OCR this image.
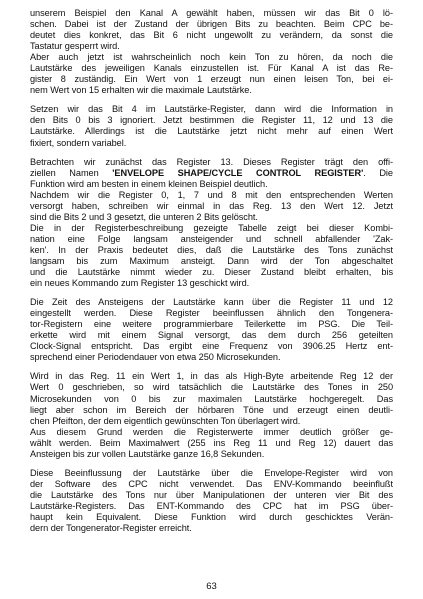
unserem Beispiel den Kanal A gewählt haben, müssen wir das Bit 0 lö-
schen. Dabei ist der Zustand der übrigen Bits zu beachten. Beim CPC be-
deutet dies konkret, das Bit 6 nicht ungewollt zu verändern, da sonst die
Tastatur gesperrt wird.
Aber auch jetzt ist wahrscheinlich noch kein Ton zu hören, da noch die
Lautstärke des jeweiligen Kanals einzustellen ist. Für Kanal A ist das Re-
gister 8 zuständig. Ein Wert von 1 erzeugt nun einen leisen Ton, bei ei-
nem Wert von 15 erhalten wir die maximale Lautstärke.

Setzen wir das Bit 4 im Lautstärke-Register, dann wird die Information in
den Bits 0 bis 3 ignoriert. Jetzt bestimmen die Register 11, 12 und 13 die
Lautstärke. Allerdings ist die Lautstärke jetzt nicht mehr auf einen Wert
fixiert, sondern variabel.

Betrachten wir zunächst das Register 13. Dieses Register trägt den offi-
ziellen Namen 'ENVELOPE SHAPE/CYCLE CONTROL REGISTER'. Die
Funktion wird am besten in einem kleinen Beispiel deutlich.
Nachdem wir die Register 0, 1, 7 und 8 mit den entsprechenden Werten
versorgt haben, schreiben wir einmal in das Reg. 13 den Wert 12. Jetzt
sind die Bits 2 und 3 gesetzt, die unteren 2 Bits gelöscht.
Die in der Registerbeschreibung gezeigte Tabelle zeigt bei dieser Kombi-
nation eine Folge langsam ansteigender und schnell abfallender 'Zak-
ken'. In der Praxis bedeutet dies, daß die Lautstärke des Tons zunächst
langsam bis zum Maximum ansteigt. Dann wird der Ton abgeschaltet
und die Lautstärke nimmt wieder zu. Dieser Zustand bleibt erhalten, bis
ein neues Kommando zum Register 13 geschickt wird.

Die Zeit des Ansteigens der Lautstärke kann über die Register 11 und 12
eingestellt werden. Diese Register beeinflussen ähnlich den Tongenera-
tor-Registern eine weitere programmierbare Teilerkette im PSG. Die Teil-
erkette wird mit einem Signal versorgt, das dem durch 256 geteilten
Clock-Signal entspricht. Das ergibt eine Frequenz von 3906.25 Hertz ent-
sprechend einer Periodendauer von etwa 250 Microsekunden.

Wird in das Reg. 11 ein Wert 1, in das als High-Byte arbeitende Reg 12 der
Wert 0 geschrieben, so wird tatsächlich die Lautstärke des Tones in 250
Microsekunden von 0 bis zur maximalen Lautstärke hochgeregelt. Das
liegt aber schon im Bereich der hörbaren Töne und erzeugt einen deutli-
chen Pfeifton, der dem eigentlich gewünschten Ton überlagert wird.
Aus diesem Grund werden die Registerwerte immer deutlich größer ge-
wählt werden. Beim Maximalwert (255 ins Reg 11 und Reg 12) dauert das
Ansteigen bis zur vollen Lautstärke ganze 16,8 Sekunden.

Diese Beeinflussung der Lautstärke über die Envelope-Register wird von
der Software des CPC nicht verwendet. Das ENV-Kommando beeinflußt
die Lautstärke des Tons nur über Manipulationen der unteren vier Bit des
Lautstärke-Registers. Das ENT-Kommando des CPC hat im PSG über-
haupt kein Equivalent. Diese Funktion wird durch geschicktes Verän-
dern der Tongenerator-Register erreicht.

63
